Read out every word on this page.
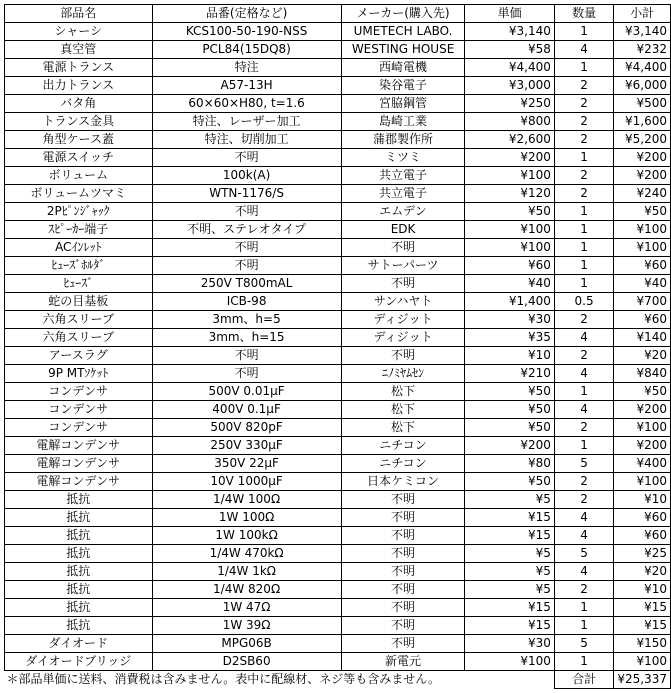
部品名	品番(定格など)	メーカー(購入先)	単価	数量	小計
シャーシ	KCS100-50-190-NSS	UMETECH LABO.	¥3,140	1	¥3,140
真空管	PCL84(15DQ8)	WESTING HOUSE	¥58	4	¥232
電源トランス	特注	西崎電機	¥4,400	1	¥4,400
出力トランス	A57-13H	染谷電子	¥3,000	2	¥6,000
バタ角	60×60×H80, t=1.6	宮脇鋼管	¥250	2	¥500
トランス金具	特注、レーザー加工	島崎工業	¥800	2	¥1,600
角型ケース蓋	特注、切削加工	蒲郡製作所	¥2,600	2	¥5,200
電源スイッチ	不明	ミツミ	¥200	1	¥200
ボリューム	100k(A)	共立電子	¥100	2	¥200
ボリュームツマミ	WTN-1176/S	共立電子	¥120	2	¥240
2Pﾋﾟﾝｼﾞｬｯｸ	不明	エムデン	¥50	1	¥50
ｽﾋﾟｰｶｰ端子	不明、ステレオタイプ	EDK	¥100	1	¥100
ACｲﾝﾚｯﾄ	不明	不明	¥100	1	¥100
ﾋｭｰｽﾞﾎﾙﾀﾞ	不明	サトーパーツ	¥60	1	¥60
ﾋｭｰｽﾞ	250V T800mAL	不明	¥40	1	¥40
蛇の目基板	ICB-98	サンハヤト	¥1,400	0.5	¥700
六角スリーブ	3mm、h=5	ディジット	¥30	2	¥60
六角スリーブ	3mm、h=15	ディジット	¥35	4	¥140
アースラグ	不明	不明	¥10	2	¥20
9P MTｿｹｯﾄ	不明	ﾆﾉﾐﾔﾑｾﾝ	¥210	4	¥840
コンデンサ	500V 0.01μF	松下	¥50	1	¥50
コンデンサ	400V 0.1μF	松下	¥50	4	¥200
コンデンサ	500V 820pF	松下	¥50	2	¥100
電解コンデンサ	250V 330μF	ニチコン	¥200	1	¥200
電解コンデンサ	350V 22μF	ニチコン	¥80	5	¥400
電解コンデンサ	10V 1000μF	日本ケミコン	¥50	2	¥100
抵抗	1/4W 100Ω	不明	¥5	2	¥10
抵抗	1W 100Ω	不明	¥15	4	¥60
抵抗	1W 100kΩ	不明	¥15	4	¥60
抵抗	1/4W 470kΩ	不明	¥5	5	¥25
抵抗	1/4W 1kΩ	不明	¥5	4	¥20
抵抗	1/4W 820Ω	不明	¥5	2	¥10
抵抗	1W 47Ω	不明	¥15	1	¥15
抵抗	1W 39Ω	不明	¥15	1	¥15
ダイオード	MPG06B	不明	¥30	5	¥150
ダイオードブリッジ	D2SB60	新電元	¥100	1	¥100
＊部品単価に送料、消費税は含みません。表中に配線材、ネジ等も含みません。				合計	¥25,337
